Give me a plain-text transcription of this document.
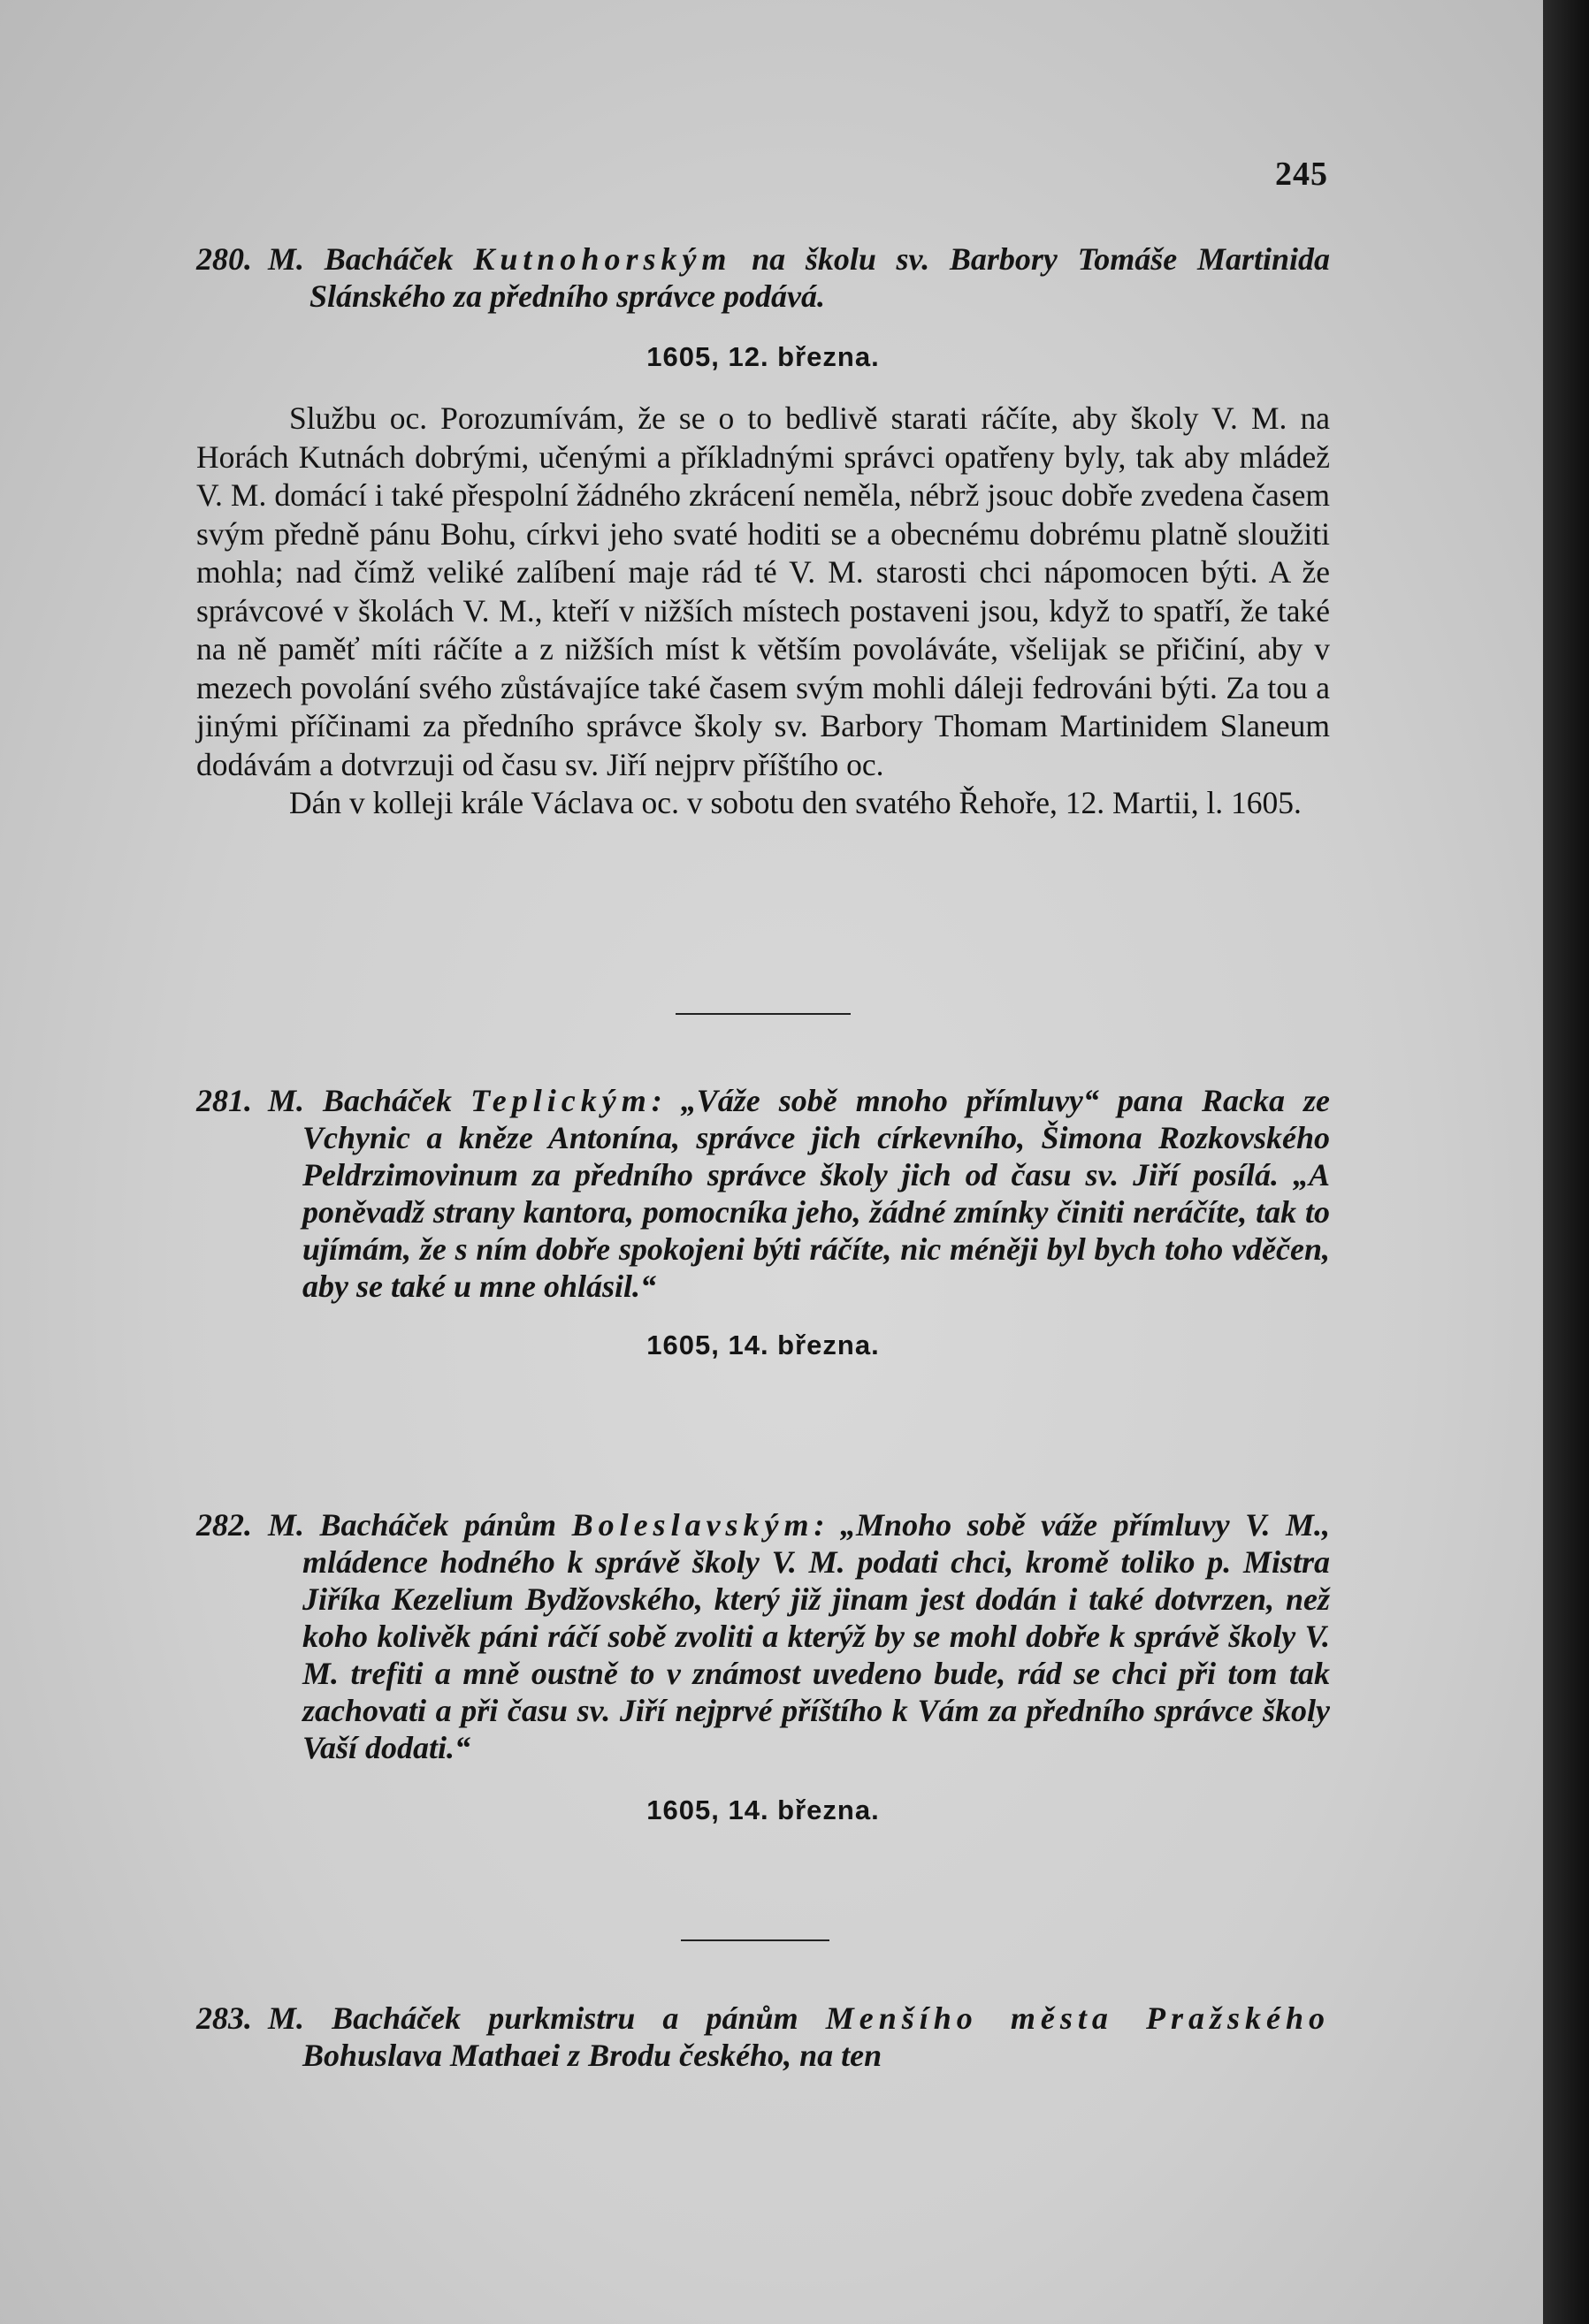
245

280. M. Bacháček Kutnohorským na školu sv. Barbory Tomáše Martinida Slánského za předního správce podává.

1605, 12. března.

Službu oc. Porozumívám, že se o to bedlivě starati ráčíte, aby školy V. M. na Horách Kutnách dobrými, učenými a příkladnými správci opatřeny byly, tak aby mládež V. M. domácí i také přespolní žádného zkrácení neměla, nébrž jsouc dobře zvedena časem svým předně pánu Bohu, církvi jeho svaté hoditi se a obecnému dobrému platně sloužiti mohla; nad čímž veliké zalíbení maje rád té V. M. starosti chci nápomocen býti. A že správcové v školách V. M., kteří v nižších místech postaveni jsou, když to spatří, že také na ně paměť míti ráčíte a z nižších míst k větším povoláváte, všelijak se přičiní, aby v mezech povolání svého zůstávajíce také časem svým mohli dáleji fedrováni býti. Za tou a jinými příčinami za předního správce školy sv. Barbory Thomam Martinidem Slaneum dodávám a dotvrzuji od času sv. Jiří nejprv příštího oc.

Dán v kolleji krále Václava oc. v sobotu den svatého Řehoře, 12. Martii, l. 1605.

281. M. Bacháček Teplickým: „Váže sobě mnoho přímluvy“ pana Racka ze Vchynic a kněze Antonína, správce jich církevního, Šimona Rozkovského Peldrzimovinum za předního správce školy jich od času sv. Jiří posílá. „A poněvadž strany kantora, pomocníka jeho, žádné zmínky činiti neráčíte, tak to ujímám, že s ním dobře spokojeni býti ráčíte, nic méněji byl bych toho vděčen, aby se také u mne ohlásil.“

1605, 14. března.

282. M. Bacháček pánům Boleslavským: „Mnoho sobě váže přímluvy V. M., mládence hodného k správě školy V. M. podati chci, kromě toliko p. Mistra Jiříka Kezelium Bydžovského, který již jinam jest dodán i také dotvrzen, než koho kolivěk páni ráčí sobě zvoliti a kterýž by se mohl dobře k správě školy V. M. trefiti a mně oustně to v známost uvedeno bude, rád se chci při tom tak zachovati a při času sv. Jiří nejprvé příštího k Vám za předního správce školy Vaší dodati.“

1605, 14. března.

283. M. Bacháček purkmistru a pánům Menšího města Pražského Bohuslava Mathaei z Brodu českého, na ten
